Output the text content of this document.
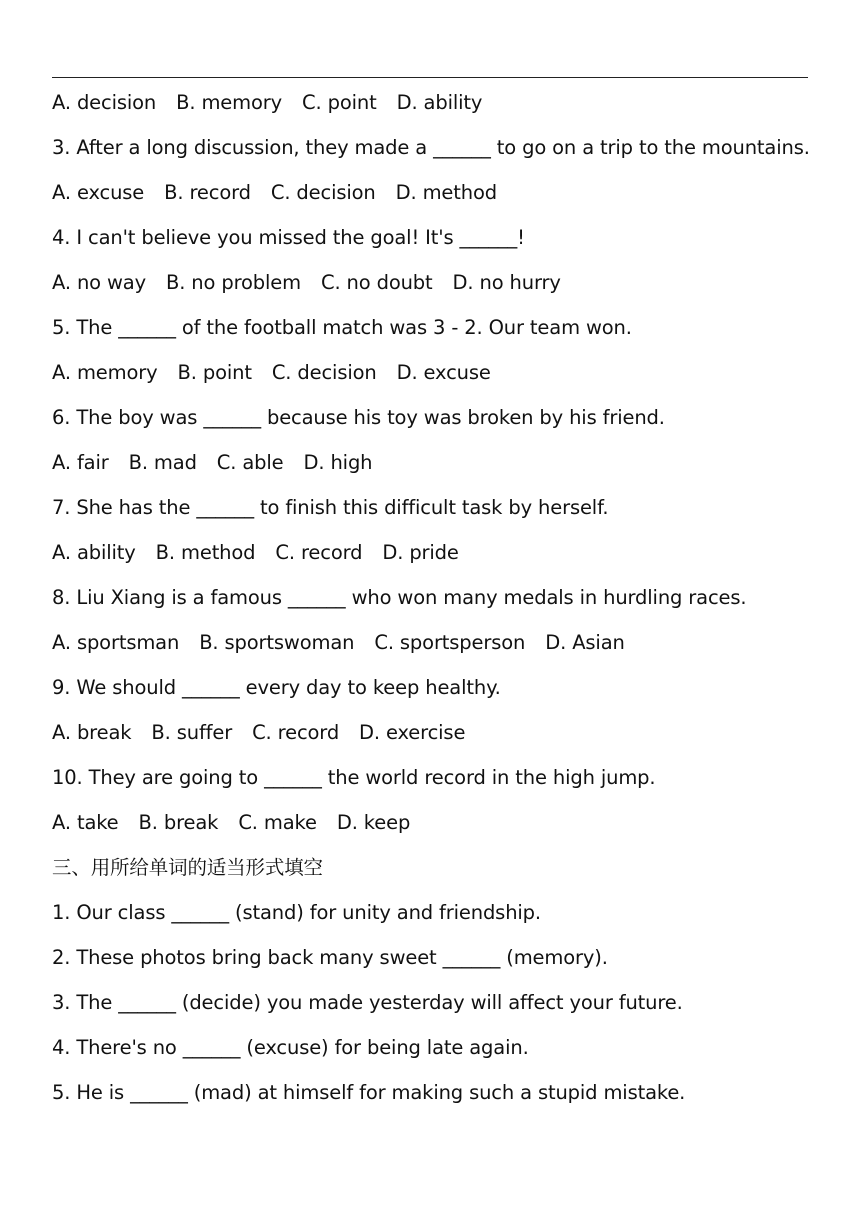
A. decision B. memory C. point D. ability
3. After a long discussion, they made a ______ to go on a trip to the mountains.
A. excuse B. record C. decision D. method
4. I can't believe you missed the goal! It's ______!
A. no way B. no problem C. no doubt D. no hurry
5. The ______ of the football match was 3 - 2. Our team won.
A. memory B. point C. decision D. excuse
6. The boy was ______ because his toy was broken by his friend.
A. fair B. mad C. able D. high
7. She has the ______ to finish this difficult task by herself.
A. ability B. method C. record D. pride
8. Liu Xiang is a famous ______ who won many medals in hurdling races.
A. sportsman B. sportswoman C. sportsperson D. Asian
9. We should ______ every day to keep healthy.
A. break B. suffer C. record D. exercise
10. They are going to ______ the world record in the high jump.
A. take B. break C. make D. keep
三、用所给单词的适当形式填空
1. Our class ______ (stand) for unity and friendship.
2. These photos bring back many sweet ______ (memory).
3. The ______ (decide) you made yesterday will affect your future.
4. There's no ______ (excuse) for being late again.
5. He is ______ (mad) at himself for making such a stupid mistake.
